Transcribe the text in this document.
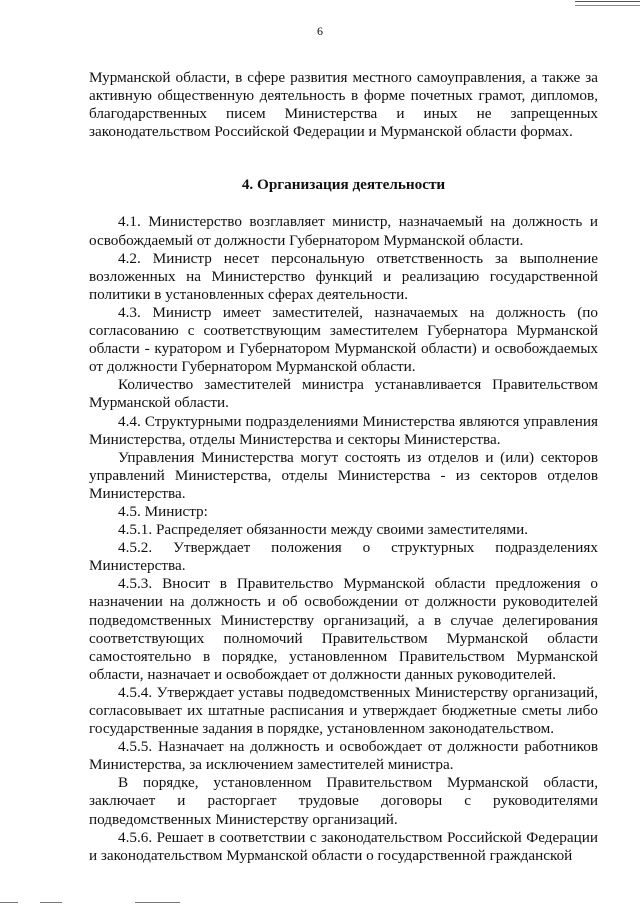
6

Мурманской области, в сфере развития местного самоуправления, а также за активную общественную деятельность в форме почетных грамот, дипломов, благодарственных писем Министерства и иных не запрещенных законодательством Российской Федерации и Мурманской области формах.

4. Организация деятельности

4.1. Министерство возглавляет министр, назначаемый на должность и освобождаемый от должности Губернатором Мурманской области.

4.2. Министр несет персональную ответственность за выполнение возложенных на Министерство функций и реализацию государственной политики в установленных сферах деятельности.

4.3. Министр имеет заместителей, назначаемых на должность (по согласованию с соответствующим заместителем Губернатора Мурманской области - куратором и Губернатором Мурманской области) и освобождаемых от должности Губернатором Мурманской области.

Количество заместителей министра устанавливается Правительством Мурманской области.

4.4. Структурными подразделениями Министерства являются управления Министерства, отделы Министерства и секторы Министерства.

Управления Министерства могут состоять из отделов и (или) секторов управлений Министерства, отделы Министерства - из секторов отделов Министерства.

4.5. Министр:

4.5.1. Распределяет обязанности между своими заместителями.

4.5.2. Утверждает положения о структурных подразделениях Министерства.

4.5.3. Вносит в Правительство Мурманской области предложения о назначении на должность и об освобождении от должности руководителей подведомственных Министерству организаций, а в случае делегирования соответствующих полномочий Правительством Мурманской области самостоятельно в порядке, установленном Правительством Мурманской области, назначает и освобождает от должности данных руководителей.

4.5.4. Утверждает уставы подведомственных Министерству организаций, согласовывает их штатные расписания и утверждает бюджетные сметы либо государственные задания в порядке, установленном законодательством.

4.5.5. Назначает на должность и освобождает от должности работников Министерства, за исключением заместителей министра.

В порядке, установленном Правительством Мурманской области, заключает и расторгает трудовые договоры с руководителями подведомственных Министерству организаций.

4.5.6. Решает в соответствии с законодательством Российской Федерации и законодательством Мурманской области о государственной гражданской
